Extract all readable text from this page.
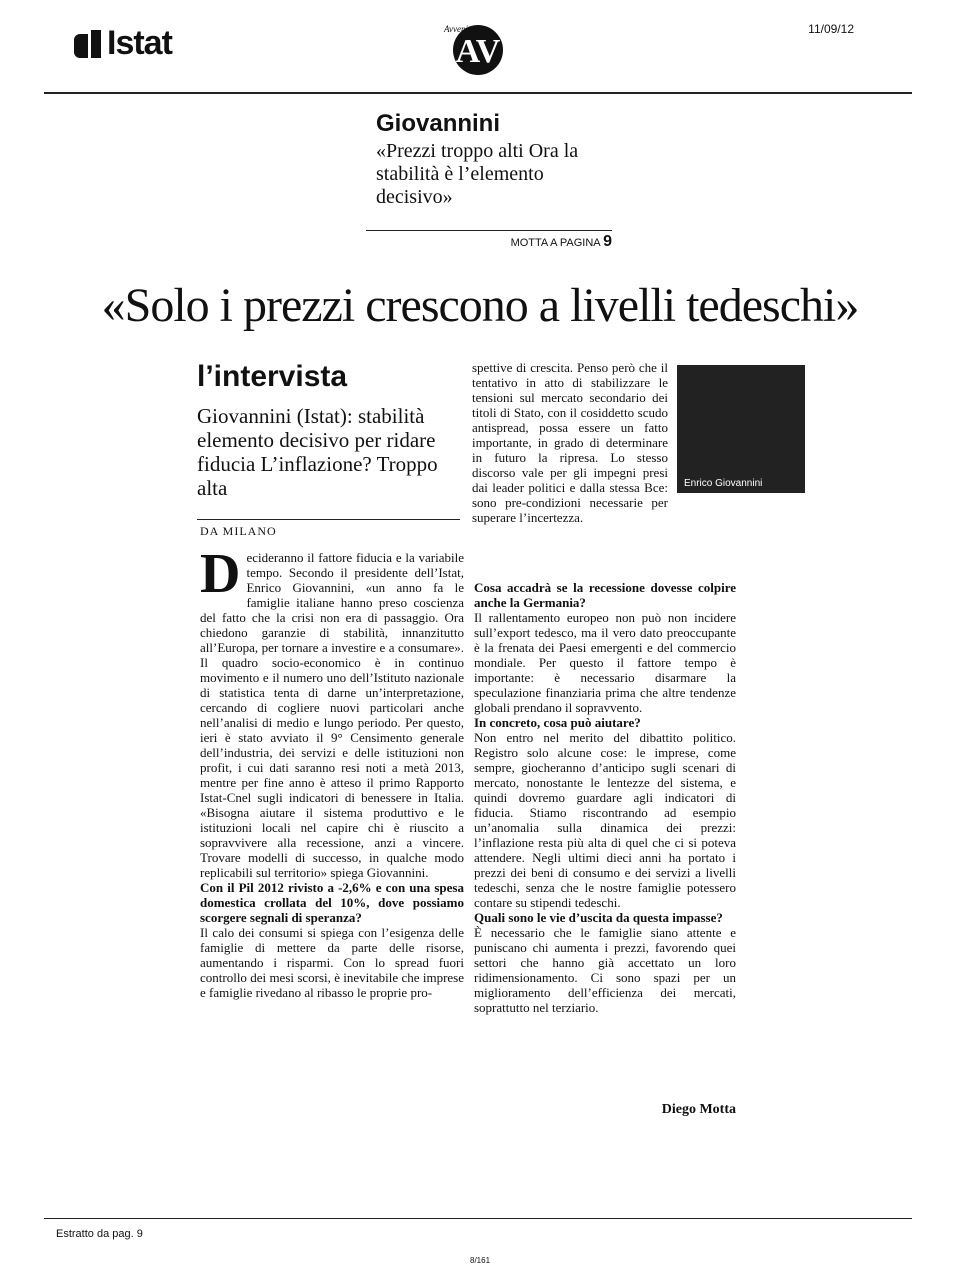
Istat	AV
Avvenire	11/09/12
Giovannini
«Prezzi troppo alti Ora la stabilità è l’elemento decisivo»
MOTTA A PAGINA 9
«Solo i prezzi crescono a livelli tedeschi»
l’intervista
Giovannini (Istat): stabilità elemento decisivo per ridare fiducia L’inflazione? Troppo alta
DA MILANO
Decideranno il fattore fiducia e la variabile tempo. Secondo il presidente dell’Istat, Enrico Giovannini, «un anno fa le famiglie italiane hanno preso coscienza del fatto che la crisi non era di passaggio. Ora chiedono garanzie di stabilità, innanzitutto all’Europa, per tornare a investire e a consumare». Il quadro socio-economico è in continuo movimento e il numero uno dell’Istituto nazionale di statistica tenta di darne un’interpretazione, cercando di cogliere nuovi particolari anche nell’analisi di medio e lungo periodo. Per questo, ieri è stato avviato il 9° Censimento generale dell’industria, dei servizi e delle istituzioni non profit, i cui dati saranno resi noti a metà 2013, mentre per fine anno è atteso il primo Rapporto Istat-Cnel sugli indicatori di benessere in Italia. «Bisogna aiutare il sistema produttivo e le istituzioni locali nel capire chi è riuscito a sopravvivere alla recessione, anzi a vincere. Trovare modelli di successo, in qualche modo replicabili sul territorio» spiega Giovannini.
Con il Pil 2012 rivisto a -2,6% e con una spesa domestica crollata del 10%, dove possiamo scorgere segnali di speranza?
Il calo dei consumi si spiega con l’esigenza delle famiglie di mettere da parte delle risorse, aumentando i risparmi. Con lo spread fuori controllo dei mesi scorsi, è inevitabile che imprese e famiglie rivedano al ribasso le proprie pro-
spettive di crescita. Penso però che il tentativo in atto di stabilizzare le tensioni sul mercato secondario dei titoli di Stato, con il cosiddetto scudo antispread, possa essere un fatto importante, in grado di determinare in futuro la ripresa. Lo stesso discorso vale per gli impegni presi dai leader politici e dalla stessa Bce: sono pre-condizioni necessarie per superare l’incertezza.
Enrico Giovannini
Cosa accadrà se la recessione dovesse colpire anche la Germania?
Il rallentamento europeo non può non incidere sull’export tedesco, ma il vero dato preoccupante è la frenata dei Paesi emergenti e del commercio mondiale. Per questo il fattore tempo è importante: è necessario disarmare la speculazione finanziaria prima che altre tendenze globali prendano il sopravvento.
In concreto, cosa può aiutare?
Non entro nel merito del dibattito politico. Registro solo alcune cose: le imprese, come sempre, giocheranno d’anticipo sugli scenari di mercato, nonostante le lentezze del sistema, e quindi dovremo guardare agli indicatori di fiducia. Stiamo riscontrando ad esempio un’anomalia sulla dinamica dei prezzi: l’inflazione resta più alta di quel che ci si poteva attendere. Negli ultimi dieci anni ha portato i prezzi dei beni di consumo e dei servizi a livelli tedeschi, senza che le nostre famiglie potessero contare su stipendi tedeschi.
Quali sono le vie d’uscita da questa impasse?
È necessario che le famiglie siano attente e puniscano chi aumenta i prezzi, favorendo quei settori che hanno già accettato un loro ridimensionamento. Ci sono spazi per un miglioramento dell’efficienza dei mercati, soprattutto nel terziario.
Diego Motta
Estratto da pag. 9
8/161
